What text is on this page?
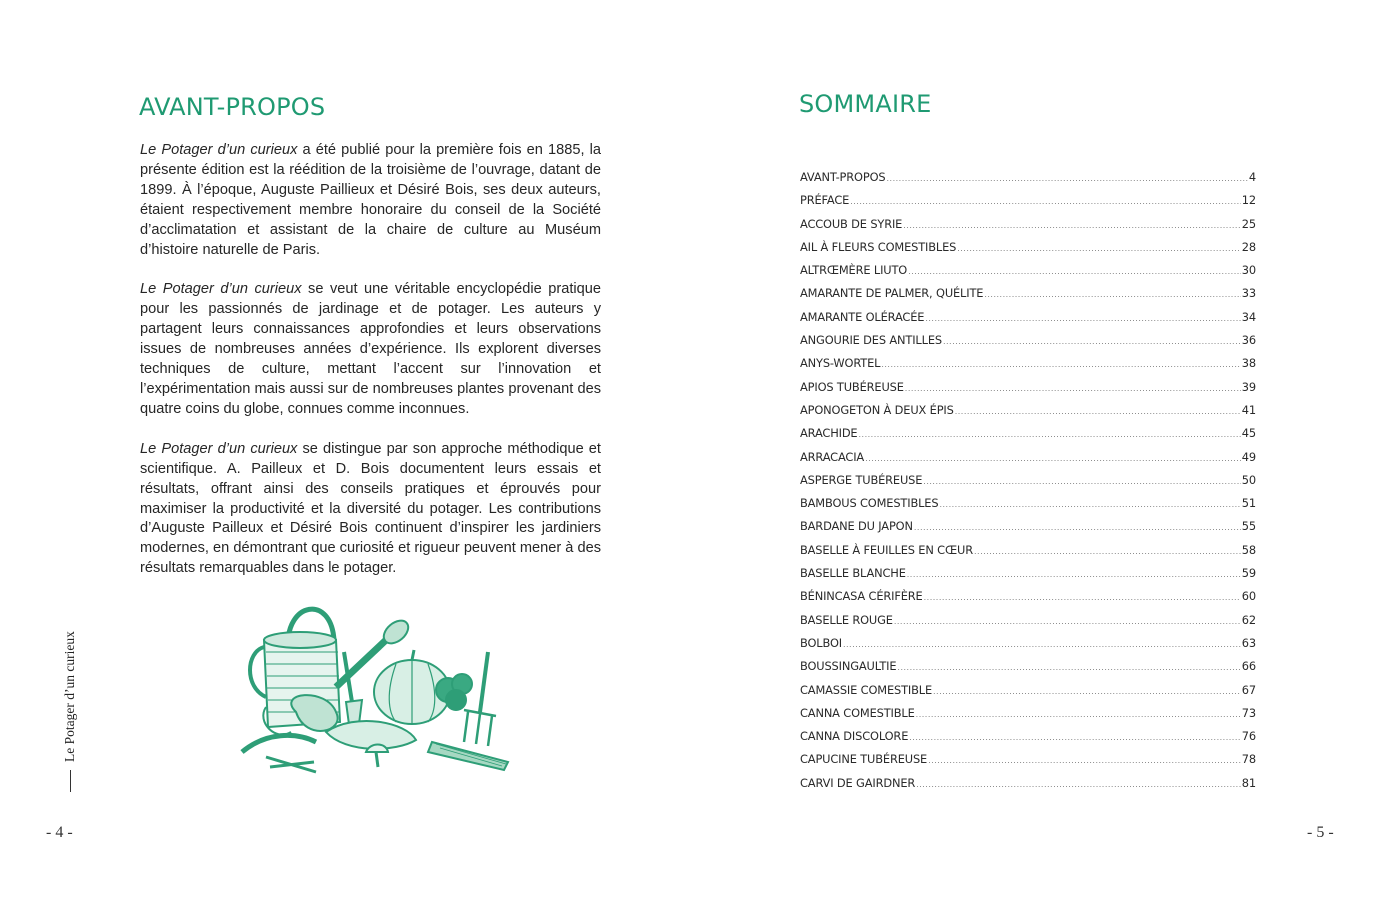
AVANT-PROPOS

Le Potager d’un curieux a été publié pour la première fois en 1885, la présente édition est la réédition de la troisième de l’ouvrage, datant de 1899. À l’époque, Auguste Paillieux et Désiré Bois, ses deux auteurs, étaient respectivement membre honoraire du conseil de la Société d’acclimatation et assistant de la chaire de culture au Muséum d’histoire naturelle de Paris.

Le Potager d’un curieux se veut une véritable encyclopédie pratique pour les passionnés de jardinage et de potager. Les auteurs y partagent leurs connaissances approfondies et leurs observations issues de nombreuses années d’expérience. Ils explorent diverses techniques de culture, mettant l’accent sur l’innovation et l’expérimentation mais aussi sur de nombreuses plantes provenant des quatre coins du globe, connues comme inconnues.

Le Potager d’un curieux se distingue par son approche méthodique et scientifique. A. Pailleux et D. Bois documentent leurs essais et résultats, offrant ainsi des conseils pratiques et éprouvés pour maximiser la productivité et la diversité du potager. Les contributions d’Auguste Pailleux et Désiré Bois continuent d’inspirer les jardiniers modernes, en démontrant que curiosité et rigueur peuvent mener à des résultats remarquables dans le potager.

Le Potager d’un curieux
- 4 -
SOMMAIRE
AVANT-PROPOS .....	4
PRÉFACE .....	12
ACCOUB DE SYRIE .....	25
AIL À FLEURS COMESTIBLES .....	28
ALTRŒMÈRE LIUTO .....	30
AMARANTE DE PALMER, QUÉLITE .....	33
AMARANTE OLÉRACÉE .....	34
ANGOURIE DES ANTILLES .....	36
ANYS-WORTEL .....	38
APIOS TUBÉREUSE .....	39
APONOGETON À DEUX ÉPIS .....	41
ARACHIDE .....	45
ARRACACIA .....	49
ASPERGE TUBÉREUSE .....	50
BAMBOUS COMESTIBLES .....	51
BARDANE DU JAPON .....	55
BASELLE À FEUILLES EN CŒUR .....	58
BASELLE BLANCHE .....	59
BÉNINCASA CÉRIFÈRE .....	60
BASELLE ROUGE .....	62
BOLBOI .....	63
BOUSSINGAULTIE .....	66
CAMASSIE COMESTIBLE .....	67
CANNA COMESTIBLE .....	73
CANNA DISCOLORE .....	76
CAPUCINE TUBÉREUSE .....	78
CARVI DE GAIRDNER .....	81
- 5 -
